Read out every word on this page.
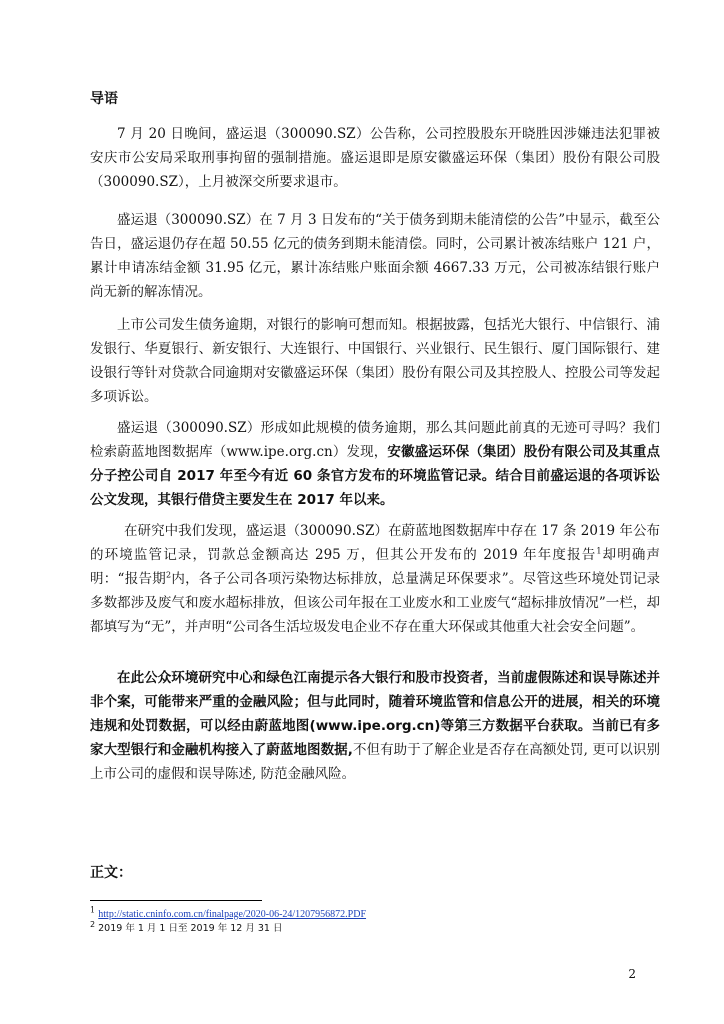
导语
7 月 20 日晚间，盛运退（300090.SZ）公告称，公司控股股东开晓胜因涉嫌违法犯罪被安庆市公安局采取刑事拘留的强制措施。盛运退即是原安徽盛运环保（集团）股份有限公司股（300090.SZ），上月被深交所要求退市。
盛运退（300090.SZ）在 7 月 3 日发布的“关于债务到期未能清偿的公告”中显示，截至公告日，盛运退仍存在超 50.55 亿元的债务到期未能清偿。同时，公司累计被冻结账户 121 户，累计申请冻结金额 31.95 亿元，累计冻结账户账面余额 4667.33 万元，公司被冻结银行账户尚无新的解冻情况。
上市公司发生债务逾期，对银行的影响可想而知。根据披露，包括光大银行、中信银行、浦发银行、华夏银行、新安银行、大连银行、中国银行、兴业银行、民生银行、厦门国际银行、建设银行等针对贷款合同逾期对安徽盛运环保（集团）股份有限公司及其控股人、控股公司等发起多项诉讼。
盛运退（300090.SZ）形成如此规模的债务逾期，那么其问题此前真的无迹可寻吗？我们检索蔚蓝地图数据库（www.ipe.org.cn）发现，安徽盛运环保（集团）股份有限公司及其重点分子控公司自 2017 年至今有近 60 条官方发布的环境监管记录。结合目前盛运退的各项诉讼公文发现，其银行借贷主要发生在 2017 年以来。
在研究中我们发现，盛运退（300090.SZ）在蔚蓝地图数据库中存在 17 条 2019 年公布的环境监管记录，罚款总金额高达 295 万，但其公开发布的 2019 年年度报告$^1$却明确声明：“报告期$^2$内，各子公司各项污染物达标排放，总量满足环保要求”。尽管这些环境处罚记录多数都涉及废气和废水超标排放，但该公司年报在工业废水和工业废气“超标排放情况”一栏，却都填写为“无”，并声明“公司各生活垃圾发电企业不存在重大环保或其他重大社会安全问题”。
在此公众环境研究中心和绿色江南提示各大银行和股市投资者，当前虚假陈述和误导陈述并非个案，可能带来严重的金融风险；但与此同时，随着环境监管和信息公开的进展，相关的环境违规和处罚数据，可以经由蔚蓝地图(www.ipe.org.cn)等第三方数据平台获取。当前已有多家大型银行和金融机构接入了蔚蓝地图数据,不但有助于了解企业是否存在高额处罚, 更可以识别上市公司的虚假和误导陈述, 防范金融风险。
正文：
$^1$ http://static.cninfo.com.cn/finalpage/2020-06-24/1207956872.PDF
$^2$ 2019 年 1 月 1 日至 2019 年 12 月 31 日
2
